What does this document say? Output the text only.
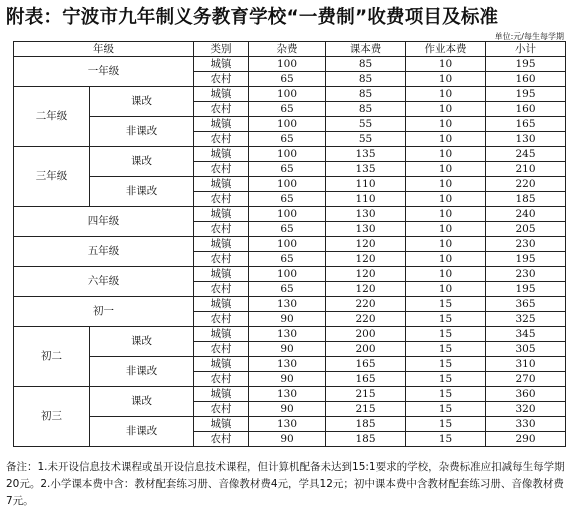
附表：宁波市九年制义务教育学校“一费制”收费项目及标准
单位:元/每生每学期
年级		类别	杂费	课本费	作业本费	小计
一年级		城镇	100	85	10	195
		农村	65	85	10	160
二年级	课改	城镇	100	85	10	195
		农村	65	85	10	160
	非课改	城镇	100	55	10	165
		农村	65	55	10	130
三年级	课改	城镇	100	135	10	245
		农村	65	135	10	210
	非课改	城镇	100	110	10	220
		农村	65	110	10	185
四年级		城镇	100	130	10	240
		农村	65	130	10	205
五年级		城镇	100	120	10	230
		农村	65	120	10	195
六年级		城镇	100	120	10	230
		农村	65	120	10	195
初一		城镇	130	220	15	365
		农村	90	220	15	325
初二	课改	城镇	130	200	15	345
		农村	90	200	15	305
	非课改	城镇	130	165	15	310
		农村	90	165	15	270
初三	课改	城镇	130	215	15	360
		农村	90	215	15	320
	非课改	城镇	130	185	15	330
		农村	90	185	15	290
备注：1.未开设信息技术课程或虽开设信息技术课程，但计算机配备未达到15:1要求的学校，杂费标准应扣减每生每学期20元。2.小学课本费中含：教材配套练习册、音像教材费4元，学具12元；初中课本费中含教材配套练习册、音像教材费7元。
